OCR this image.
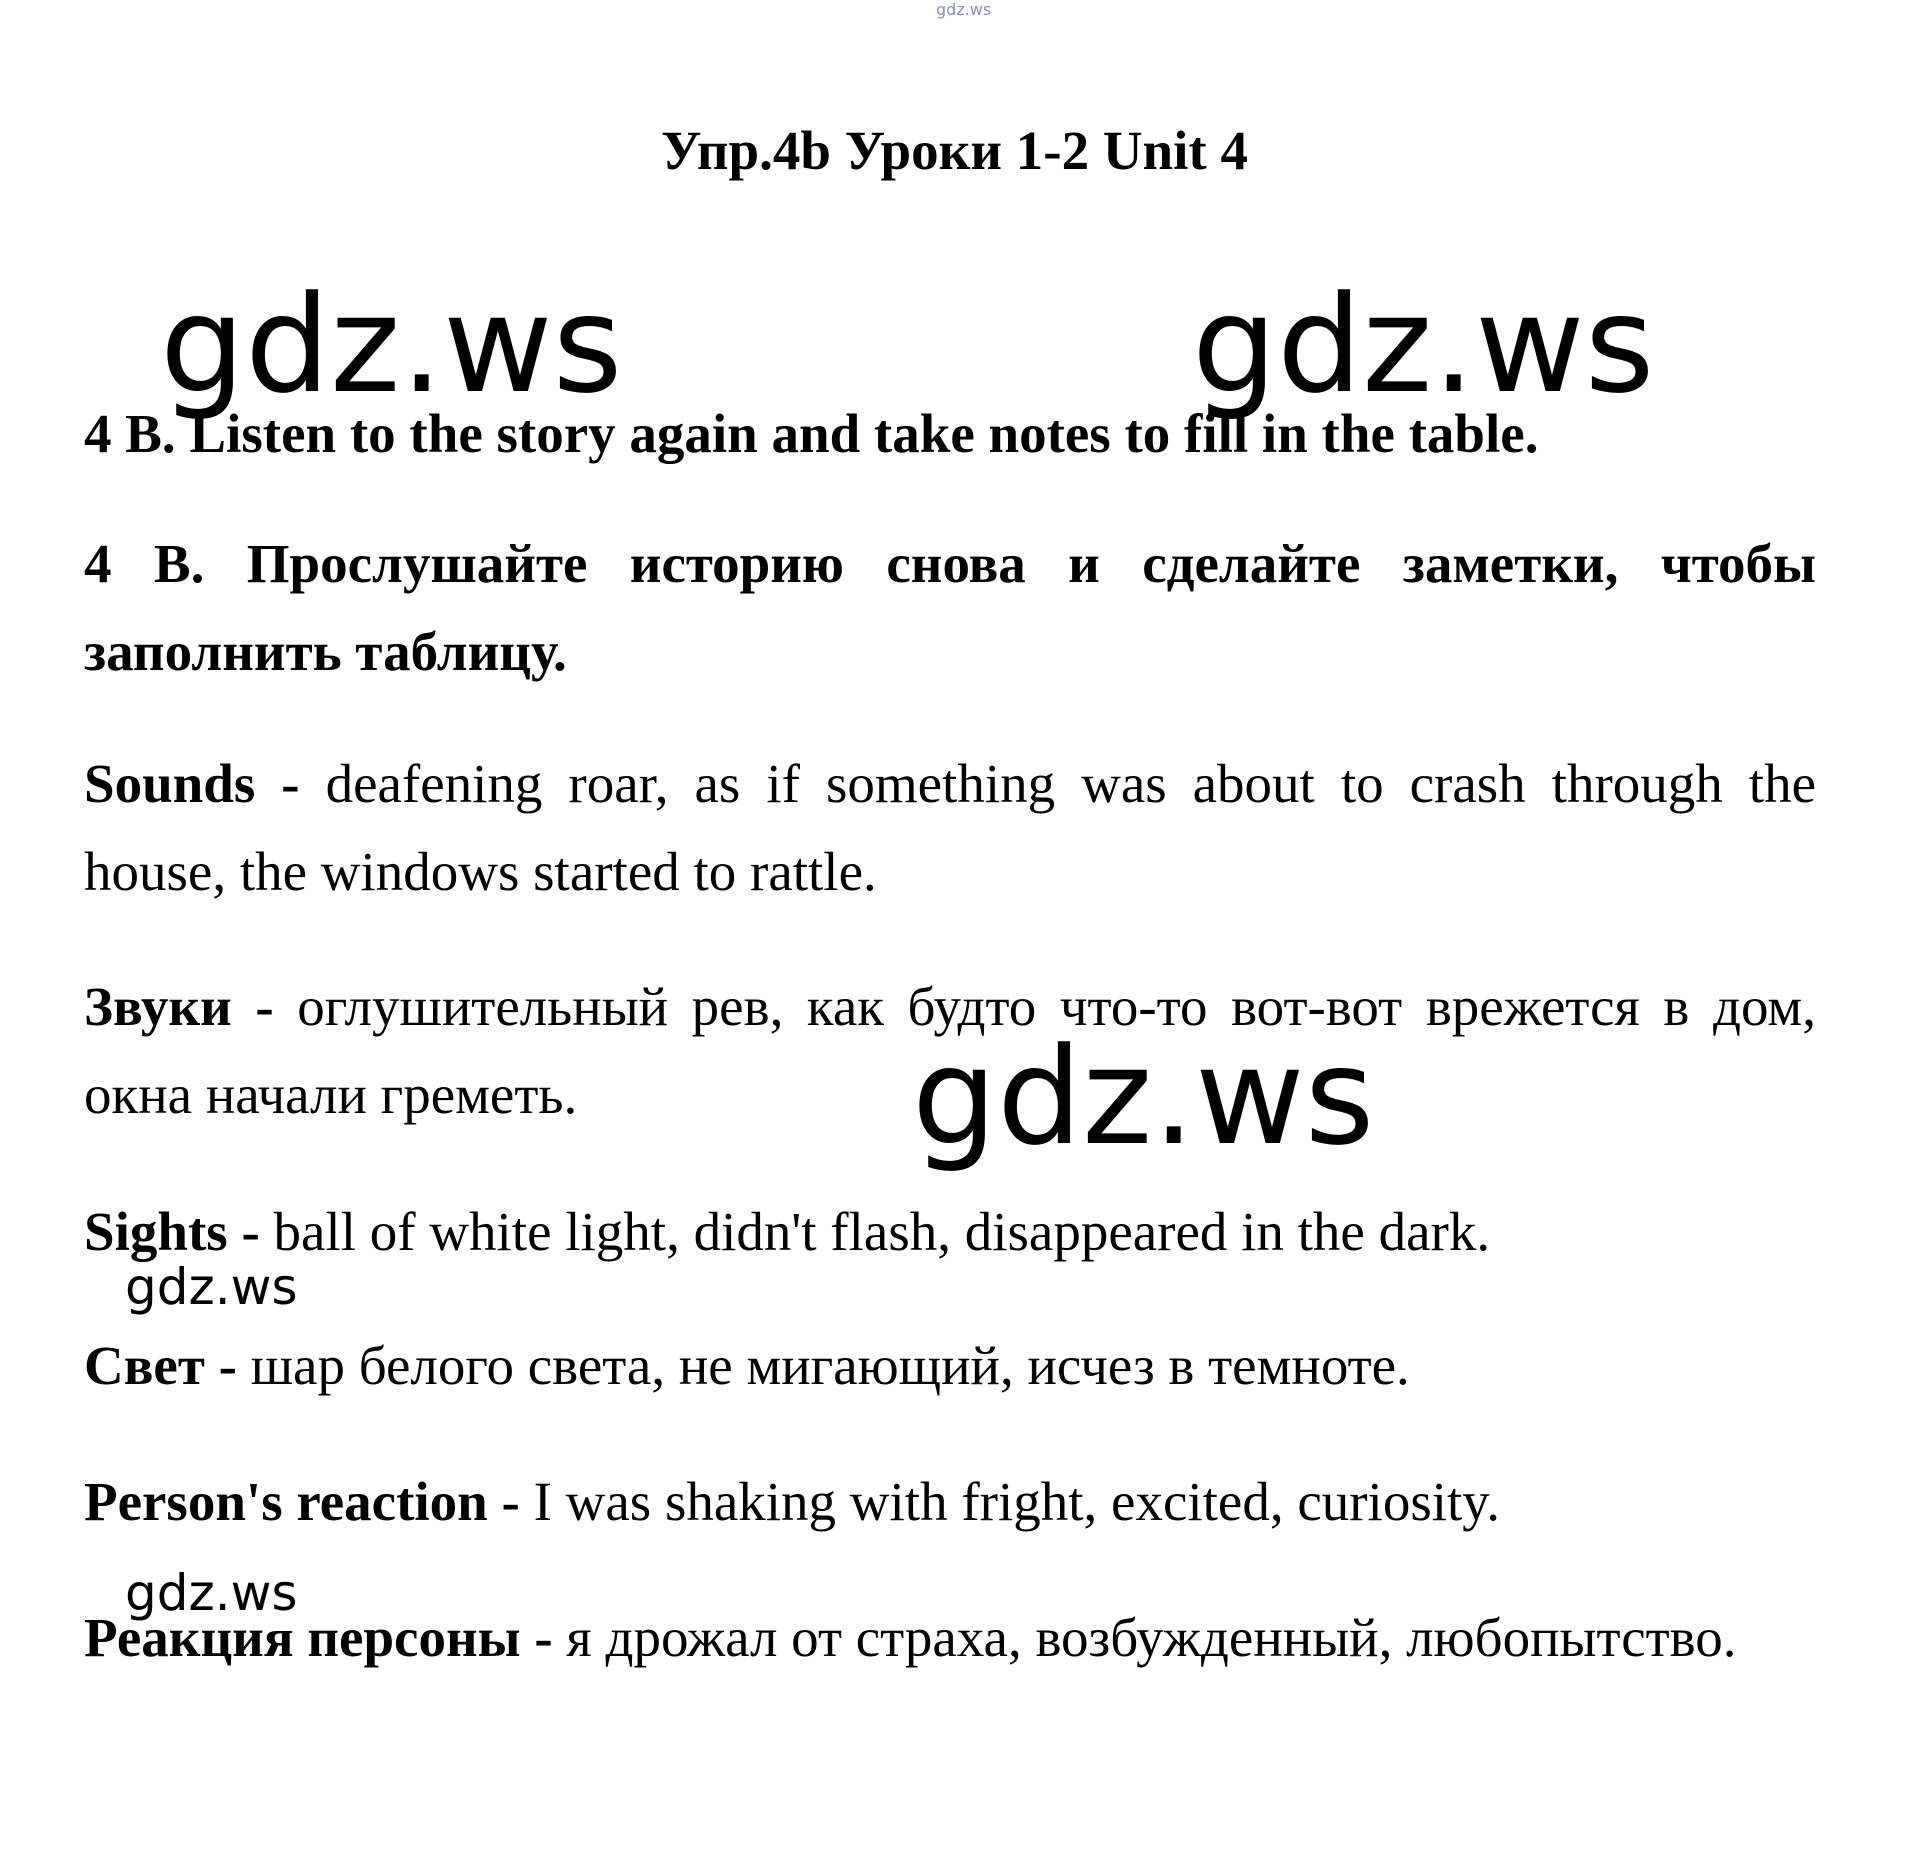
gdz.ws
Упр.4b Уроки 1-2 Unit 4
gdz.ws	gdz.ws
4 B. Listen to the story again and take notes to fill in the table.
4 В. Прослушайте историю снова и сделайте заметки, чтобы заполнить таблицу.
Sounds - deafening roar, as if something was about to crash through the house, the windows started to rattle.
Звуки - оглушительный рев, как будто что-то вот-вот врежется в дом, окна начали греметь.	gdz.ws
Sights - ball of white light, didn't flash, disappeared in the dark.
gdz.ws
Свет - шар белого света, не мигающий, исчез в темноте.
Person's reaction - I was shaking with fright, excited, curiosity.
gdz.ws
Реакция персоны - я дрожал от страха, возбужденный, любопытство.
